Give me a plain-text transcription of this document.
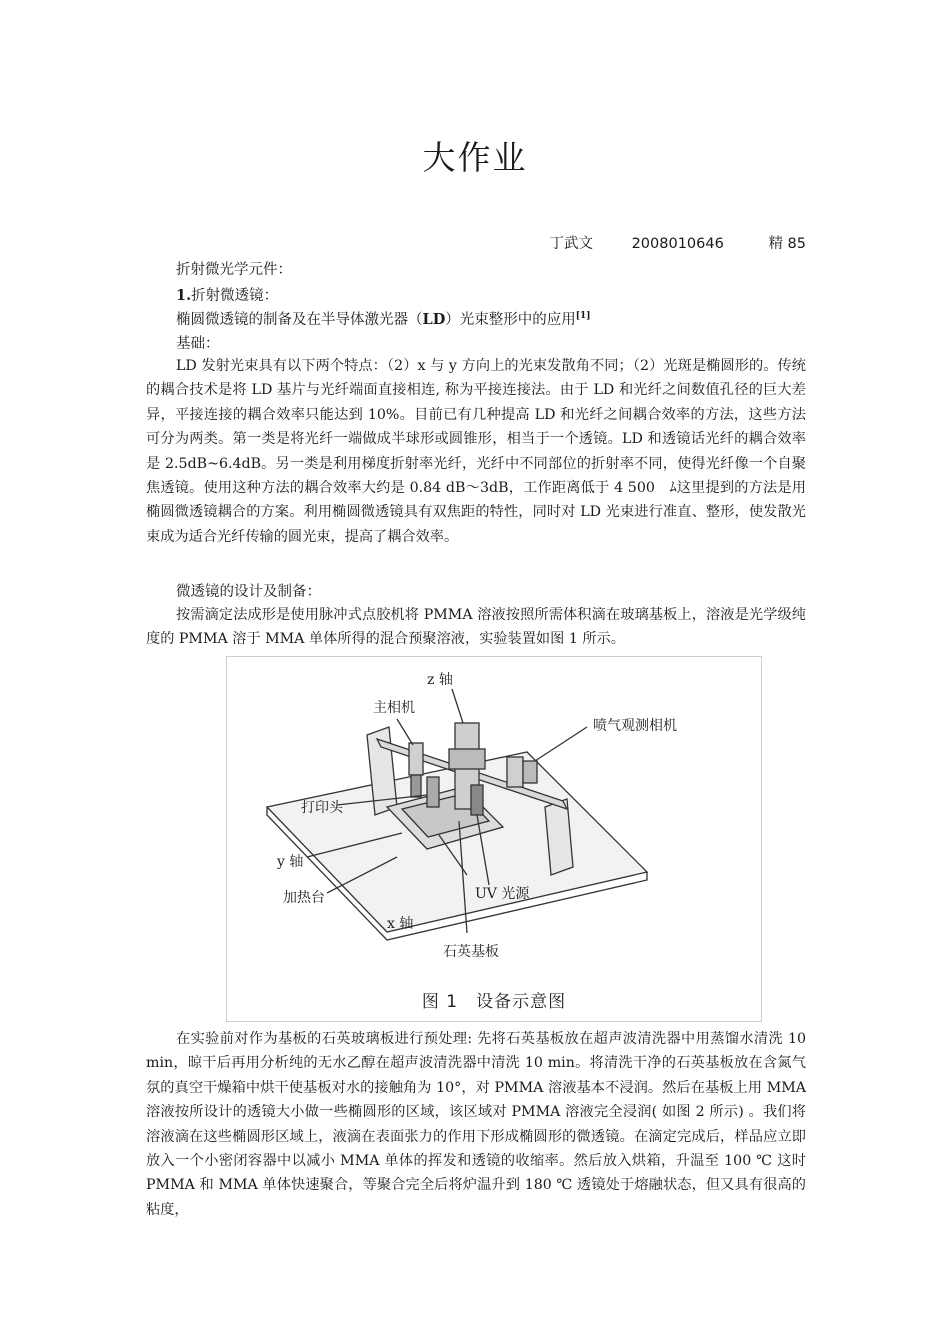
大作业
丁武文	2008010646	精 85
折射微光学元件：
1.折射微透镜：
椭圆微透镜的制备及在半导体激光器（LD）光束整形中的应用[1]
基础：

LD 发射光束具有以下两个特点：（2）x 与 y 方向上的光束发散角不同；（2）光斑是椭圆形的。传统的耦合技术是将 LD 基片与光纤端面直接相连, 称为平接连接法。由于 LD 和光纤之间数值孔径的巨大差异，平接连接的耦合效率只能达到 10%。目前已有几种提高 LD 和光纤之间耦合效率的方法，这些方法可分为两类。第一类是将光纤一端做成半球形或圆锥形，相当于一个透镜。LD 和透镜话光纤的耦合效率是 2.5dB~6.4dB。另一类是利用梯度折射率光纤，光纤中不同部位的折射率不同，使得光纤像一个自聚焦透镜。使用这种方法的耦合效率大约是 0.84 dB～3dB，工作距离低于 4 500　ﾑ这里提到的方法是用椭圆微透镜耦合的方案。利用椭圆微透镜具有双焦距的特性，同时对 LD 光束进行准直、整形，使发散光束成为适合光纤传输的圆光束，提高了耦合效率。

微透镜的设计及制备：

按需滴定法成形是使用脉冲式点胶机将 PMMA 溶液按照所需体积滴在玻璃基板上，溶液是光学级纯度的 PMMA 溶于 MMA 单体所得的混合预聚溶液，实验装置如图 1 所示。

z 轴
主相机
喷气观测相机
打印头
y 轴
加热台	UV 光源
x 轴
石英基板
图 1　设备示意图

在实验前对作为基板的石英玻璃板进行预处理: 先将石英基板放在超声波清洗器中用蒸馏水清洗 10 min，晾干后再用分析纯的无水乙醇在超声波清洗器中清洗 10 min。将清洗干净的石英基板放在含氮气氛的真空干燥箱中烘干使基板对水的接触角为 10°，对 PMMA 溶液基本不浸润。然后在基板上用 MMA 溶液按所设计的透镜大小做一些椭圆形的区域，该区域对 PMMA 溶液完全浸润( 如图 2 所示) 。我们将溶液滴在这些椭圆形区域上，液滴在表面张力的作用下形成椭圆形的微透镜。在滴定完成后，样品应立即放入一个小密闭容器中以减小 MMA 单体的挥发和透镜的收缩率。然后放入烘箱，升温至 100 ℃ 这时 PMMA 和 MMA 单体快速聚合，等聚合完全后将炉温升到 180 ℃ 透镜处于熔融状态，但又具有很高的粘度，
